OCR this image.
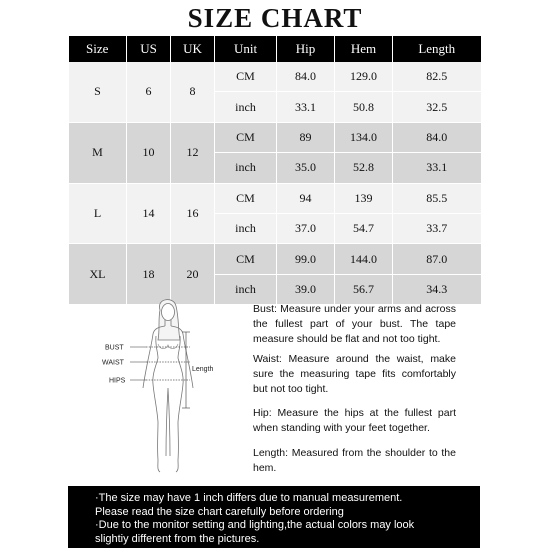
SIZE CHART
Size	US	UK	Unit	Hip	Hem	Length
S	6	8	CM	84.0	129.0	82.5
			inch	33.1	50.8	32.5
M	10	12	CM	89	134.0	84.0
			inch	35.0	52.8	33.1
L	14	16	CM	94	139	85.5
			inch	37.0	54.7	33.7
XL	18	20	CM	99.0	144.0	87.0
			inch	39.0	56.7	34.3
BUST
WAIST
HIPS
Length

Bust: Measure under your arms and across the fullest part of your bust. The tape measure should be flat and not too tight.

Waist: Measure around the waist, make sure the measuring tape fits comfortably but not too tight.

Hip: Measure the hips at the fullest part when standing with your feet together.

Length: Measured from the shoulder to the hem.

·The size may have 1 inch differs due to manual measurement.

Please read the size chart carefully before ordering

·Due to the monitor setting and lighting,the actual colors may look

slightiy different from the pictures.
